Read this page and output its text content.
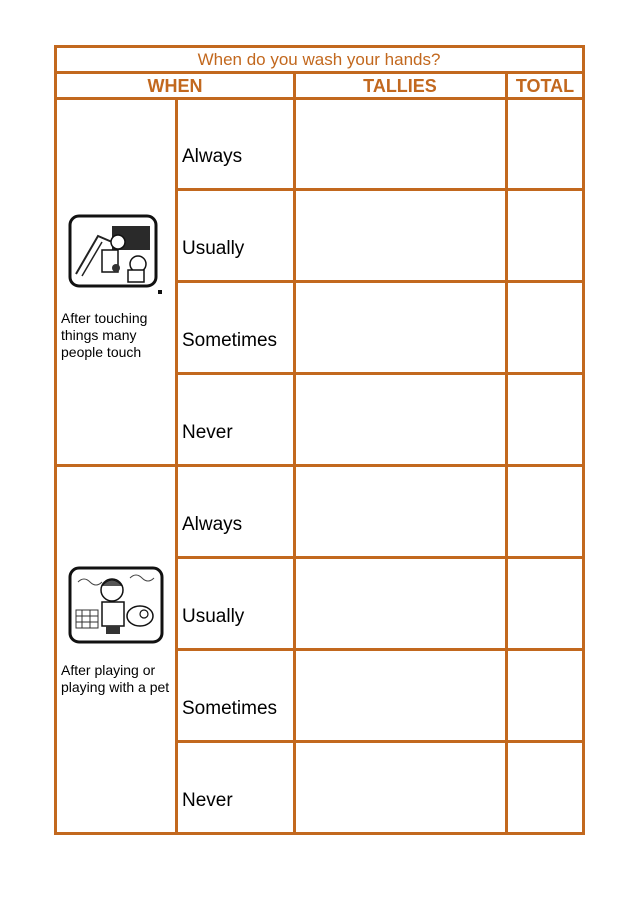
When do you wash your hands?
WHEN	TALLIES	TOTAL
After touching things many people touch
Always
Usually
Sometimes
Never
After playing or playing with a pet
Always
Usually
Sometimes
Never
